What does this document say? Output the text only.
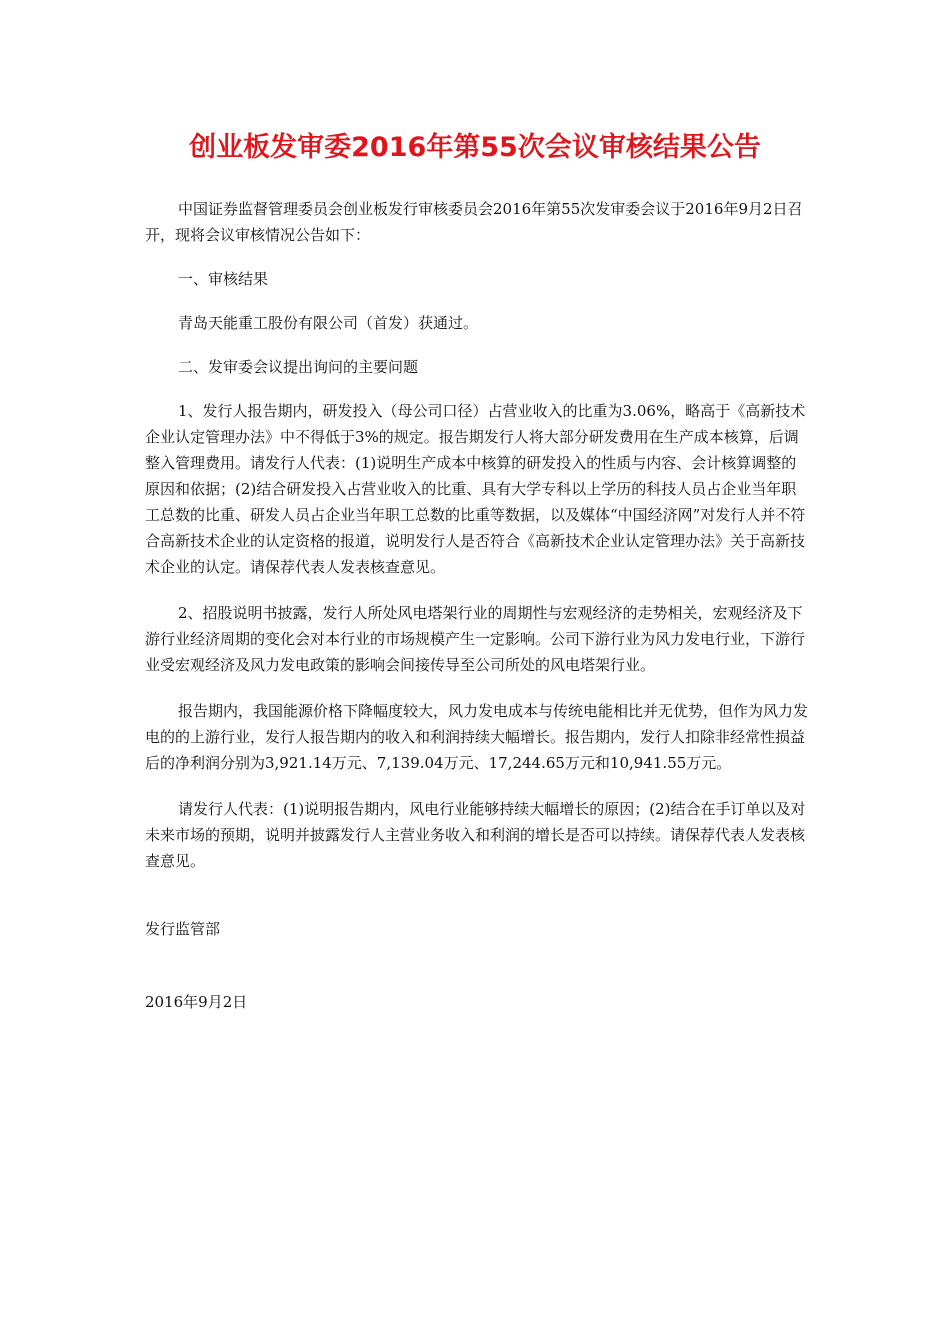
创业板发审委2016年第55次会议审核结果公告

中国证券监督管理委员会创业板发行审核委员会2016年第55次发审委会议于2016年9月2日召开，现将会议审核情况公告如下：

一、审核结果

青岛天能重工股份有限公司（首发）获通过。

二、发审委会议提出询问的主要问题

1、发行人报告期内，研发投入（母公司口径）占营业收入的比重为3.06%，略高于《高新技术企业认定管理办法》中不得低于3%的规定。报告期发行人将大部分研发费用在生产成本核算，后调整入管理费用。请发行人代表：(1)说明生产成本中核算的研发投入的性质与内容、会计核算调整的原因和依据；(2)结合研发投入占营业收入的比重、具有大学专科以上学历的科技人员占企业当年职工总数的比重、研发人员占企业当年职工总数的比重等数据，以及媒体“中国经济网”对发行人并不符合高新技术企业的认定资格的报道，说明发行人是否符合《高新技术企业认定管理办法》关于高新技术企业的认定。请保荐代表人发表核查意见。

2、招股说明书披露，发行人所处风电塔架行业的周期性与宏观经济的走势相关，宏观经济及下游行业经济周期的变化会对本行业的市场规模产生一定影响。公司下游行业为风力发电行业，下游行业受宏观经济及风力发电政策的影响会间接传导至公司所处的风电塔架行业。

报告期内，我国能源价格下降幅度较大，风力发电成本与传统电能相比并无优势，但作为风力发电的的上游行业，发行人报告期内的收入和利润持续大幅增长。报告期内，发行人扣除非经常性损益后的净利润分别为3,921.14万元、7,139.04万元、17,244.65万元和10,941.55万元。

请发行人代表：(1)说明报告期内，风电行业能够持续大幅增长的原因；(2)结合在手订单以及对未来市场的预期，说明并披露发行人主营业务收入和利润的增长是否可以持续。请保荐代表人发表核查意见。

发行监管部

2016年9月2日
